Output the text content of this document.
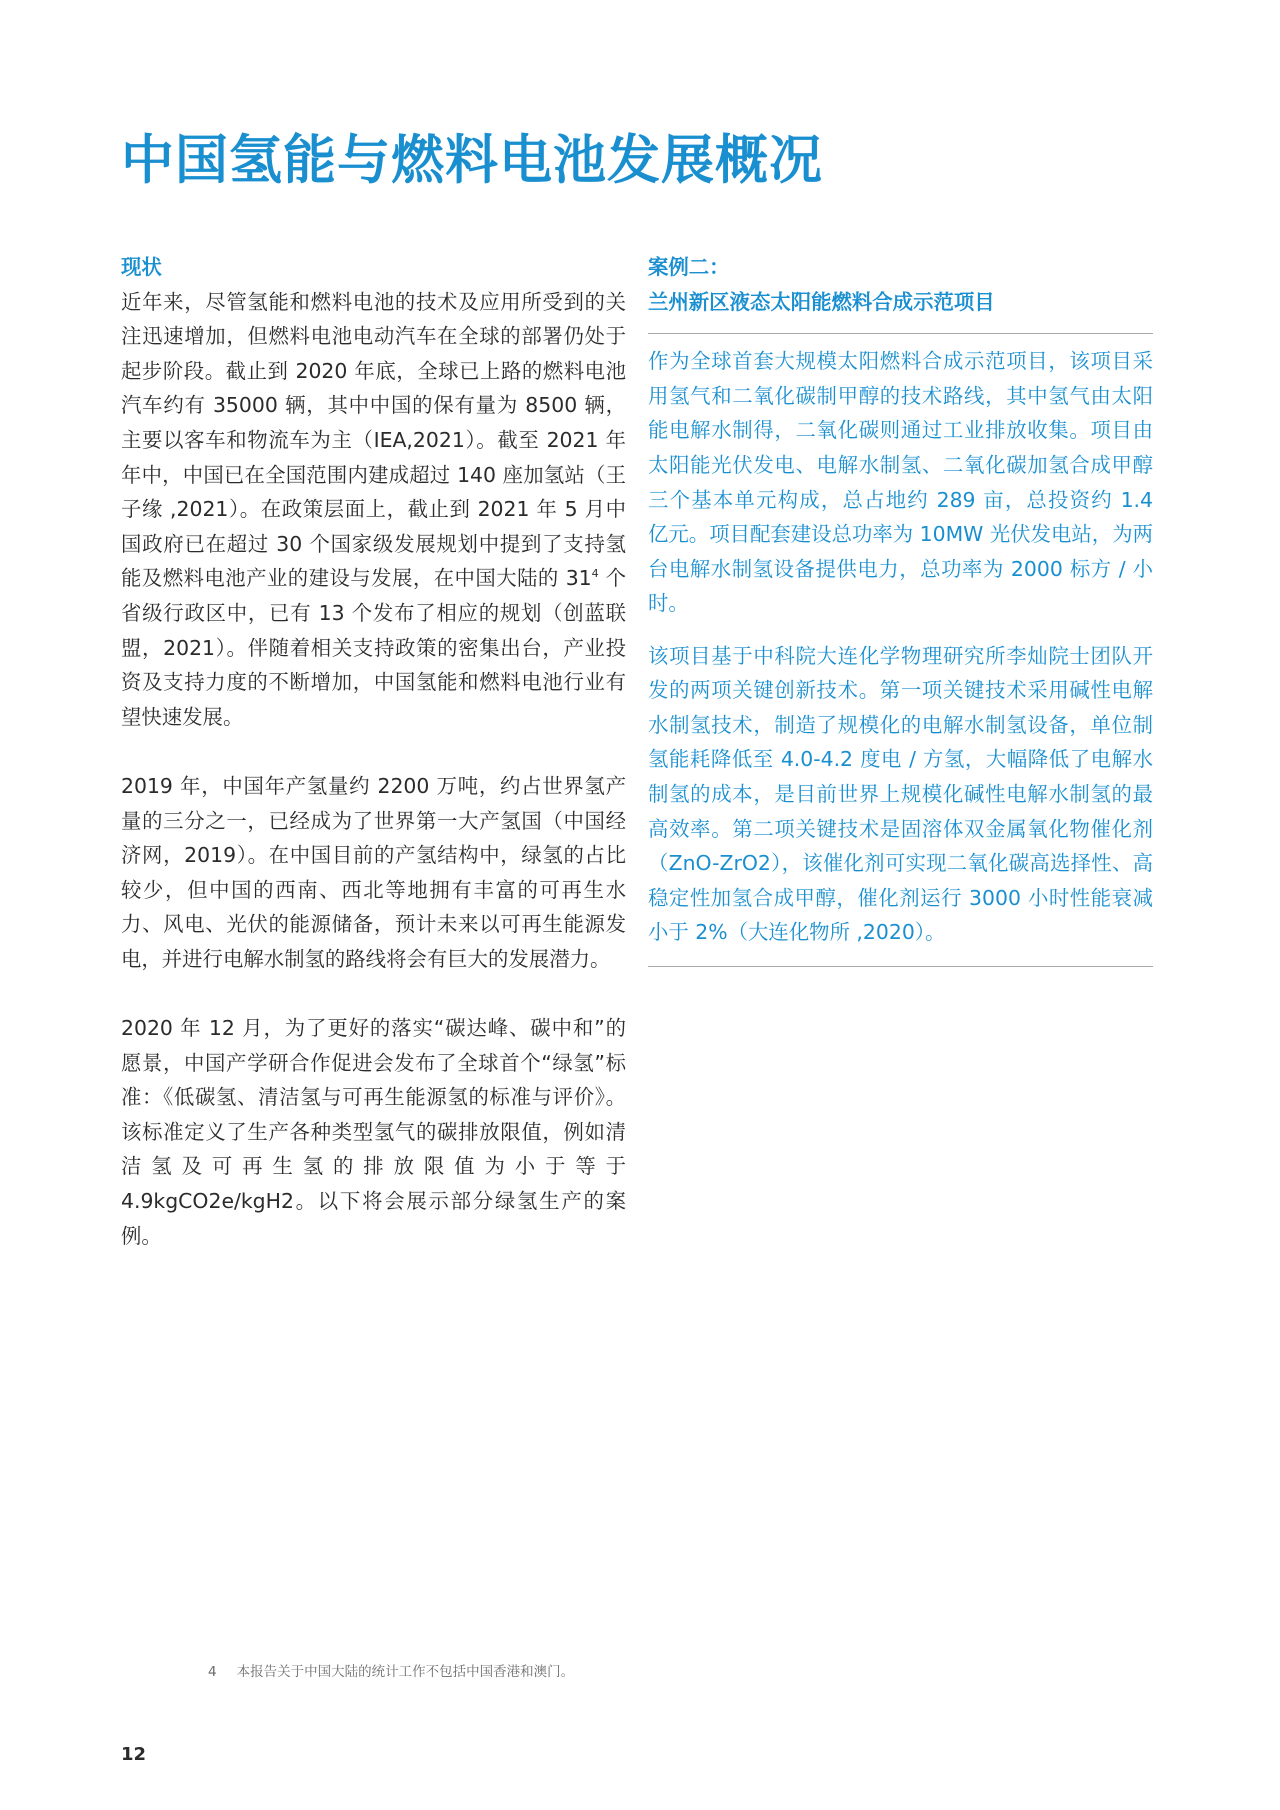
中国氢能与燃料电池发展概况
现状

近年来，尽管氢能和燃料电池的技术及应用所受到的关注迅速增加，但燃料电池电动汽车在全球的部署仍处于起步阶段。截止到 2020 年底，全球已上路的燃料电池汽车约有 35000 辆，其中中国的保有量为 8500 辆，主要以客车和物流车为主（IEA,2021）。截至 2021 年年中，中国已在全国范围内建成超过 140 座加氢站（王子缘 ,2021）。在政策层面上，截止到 2021 年 5 月中国政府已在超过 30 个国家级发展规划中提到了支持氢能及燃料电池产业的建设与发展，在中国大陆的 $31^4$ 个省级行政区中，已有 13 个发布了相应的规划（创蓝联盟，2021）。伴随着相关支持政策的密集出台，产业投资及支持力度的不断增加，中国氢能和燃料电池行业有望快速发展。

2019 年，中国年产氢量约 2200 万吨，约占世界氢产量的三分之一，已经成为了世界第一大产氢国（中国经济网，2019）。在中国目前的产氢结构中，绿氢的占比较少，但中国的西南、西北等地拥有丰富的可再生水力、风电、光伏的能源储备，预计未来以可再生能源发电，并进行电解水制氢的路线将会有巨大的发展潜力。

2020 年 12 月，为了更好的落实“碳达峰、碳中和”的愿景，中国产学研合作促进会发布了全球首个“绿氢”标准：《低碳氢、清洁氢与可再生能源氢的标准与评价》。该标准定义了生产各种类型氢气的碳排放限值，例如清洁氢及可再生氢的排放限值为小于等于 4.9kgCO2e/kgH2。以下将会展示部分绿氢生产的案例。

案例二：
兰州新区液态太阳能燃料合成示范项目

作为全球首套大规模太阳燃料合成示范项目，该项目采用氢气和二氧化碳制甲醇的技术路线，其中氢气由太阳能电解水制得，二氧化碳则通过工业排放收集。项目由太阳能光伏发电、电解水制氢、二氧化碳加氢合成甲醇三个基本单元构成，总占地约 289 亩，总投资约 1.4 亿元。项目配套建设总功率为 10MW 光伏发电站，为两台电解水制氢设备提供电力，总功率为 2000 标方 / 小时。

该项目基于中科院大连化学物理研究所李灿院士团队开发的两项关键创新技术。第一项关键技术采用碱性电解水制氢技术，制造了规模化的电解水制氢设备，单位制氢能耗降低至 4.0-4.2 度电 / 方氢，大幅降低了电解水制氢的成本，是目前世界上规模化碱性电解水制氢的最高效率。第二项关键技术是固溶体双金属氧化物催化剂（ZnO-ZrO2），该催化剂可实现二氧化碳高选择性、高稳定性加氢合成甲醇，催化剂运行 3000 小时性能衰减小于 2%（大连化物所 ,2020）。

4 本报告关于中国大陆的统计工作不包括中国香港和澳门。
12
